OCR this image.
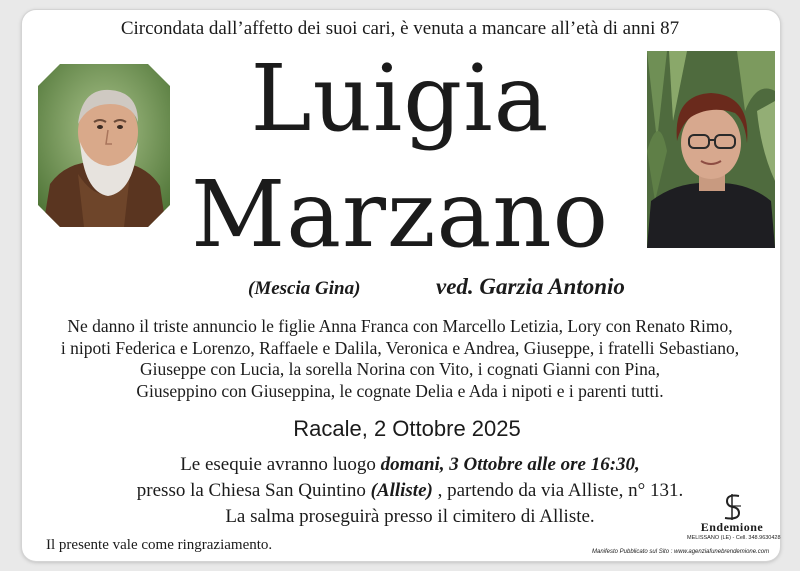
Circondata dall’affetto dei suoi cari, è venuta a mancare all’età di anni 87
Luigia
Marzano
(Mescia Gina)	ved. Garzia Antonio
Ne danno il triste annuncio le figlie Anna Franca con Marcello Letizia, Lory con Renato Rimo,
i nipoti Federica e Lorenzo, Raffaele e Dalila, Veronica e Andrea, Giuseppe, i fratelli Sebastiano,
Giuseppe con Lucia, la sorella Norina con Vito, i cognati Gianni con Pina,
Giuseppino con Giuseppina, le cognate Delia e Ada i nipoti e i parenti tutti.
Racale, 2 Ottobre 2025
Le esequie avranno luogo domani, 3 Ottobre alle ore 16:30,
presso la Chiesa San Quintino (Alliste) , partendo da via Alliste, n° 131.
La salma proseguirà presso il cimitero di Alliste.
Il presente vale come ringraziamento.
Endemione
MELISSANO (LE) - Cell. 348.9630428
Manifesto Pubblicato sul Sito : www.agenziafunebrendemione.com
